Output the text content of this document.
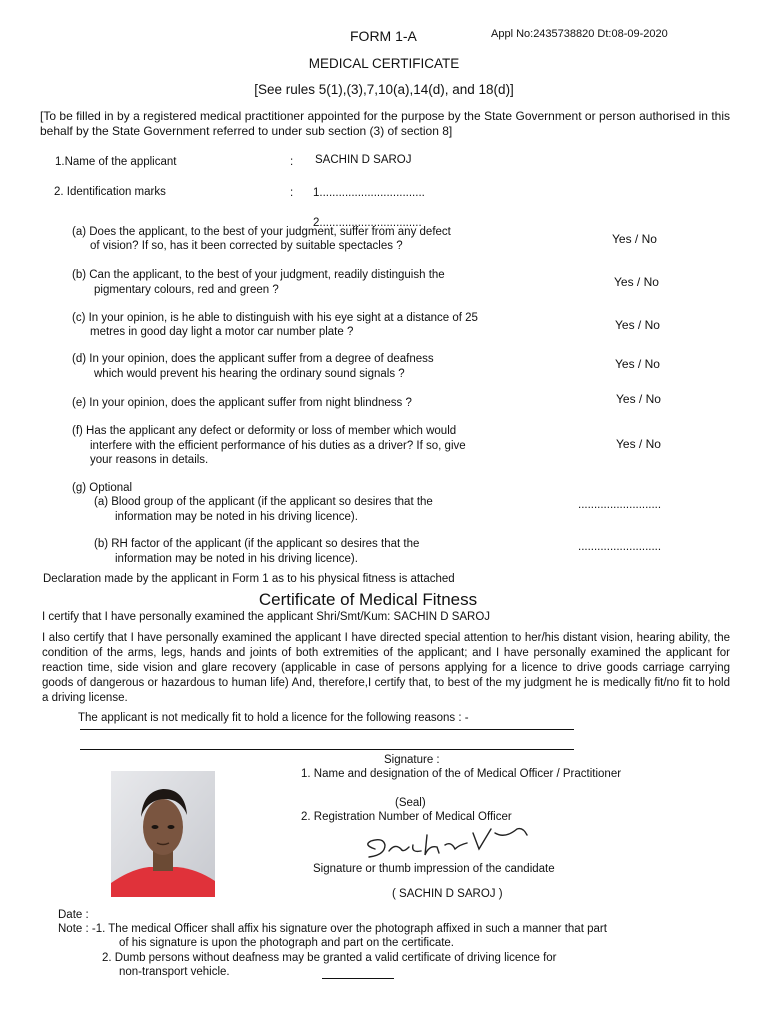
FORM 1-A	Appl No:2435738820 Dt:08-09-2020
MEDICAL CERTIFICATE
[See rules 5(1),(3),7,10(a),14(d), and 18(d)]
[To be filled in by a registered medical practitioner appointed for the purpose by the State Government or person authorised in this behalf by the State Government referred to under sub section (3) of section 8]
1.Name of the applicant	: SACHIN D SAROJ
2. Identification marks	: 1.................................
2................................
(a) Does the applicant, to the best of your judgment, suffer from any defect
of vision? If so, has it been corrected by suitable spectacles ?	Yes / No
(b) Can the applicant, to the best of your judgment, readily distinguish the
pigmentary colours, red and green ?
Yes / No
(c) In your opinion, is he able to distinguish with his eye sight at a distance of 25
metres in good day light a motor car number plate ?	Yes / No
(d) In your opinion, does the applicant suffer from a degree of deafness
which would prevent his hearing the ordinary sound signals ?
Yes / No
(e) In your opinion, does the applicant suffer from night blindness ?	Yes / No
(f) Has the applicant any defect or deformity or loss of member which would
interfere with the efficient performance of his duties as a driver? If so, give
your reasons in details.
Yes / No
(g) Optional
(a) Blood group of the applicant (if the applicant so desires that the
information may be noted in his driving licence).
..........................
(b) RH factor of the applicant (if the applicant so desires that the
information may be noted in his driving licence).
..........................
Declaration made by the applicant in Form 1 as to his physical fitness is attached
Certificate of Medical Fitness
I certify that I have personally examined the applicant Shri/Smt/Kum: SACHIN D SAROJ
I also certify that I have personally examined the applicant I have directed special attention to her/his distant vision, hearing ability, the condition of the arms, legs, hands and joints of both extremities of the applicant; and I have personally examined the applicant for reaction time, side vision and glare recovery (applicable in case of persons applying for a licence to drive goods carriage carrying goods of dangerous or hazardous to human life) And, therefore,I certify that, to best of the my judgment he is medically fit/no fit to hold a driving license.
The applicant is not medically fit to hold a licence for the following reasons : -
Signature :
1. Name and designation of the of Medical Officer / Practitioner
(Seal)
2. Registration Number of Medical Officer
Signature or thumb impression of the candidate
( SACHIN D SAROJ )
Date :
Note : -1. The medical Officer shall affix his signature over the photograph affixed in such a manner that part
of his signature is upon the photograph and part on the certificate.
2. Dumb persons without deafness may be granted a valid certificate of driving licence for
non-transport vehicle.
